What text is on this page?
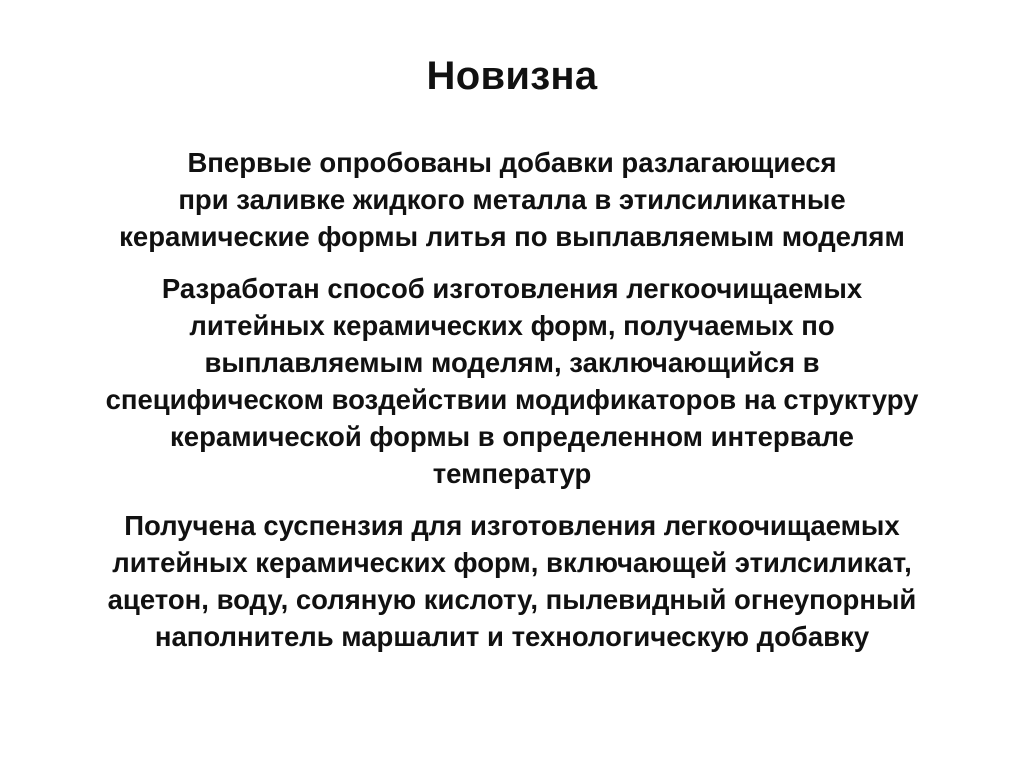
Новизна

Впервые опробованы добавки разлагающиеся
при заливке жидкого металла в этилсиликатные
керамические формы литья по выплавляемым моделям

Разработан способ изготовления легкоочищаемых
литейных керамических форм, получаемых по
выплавляемым моделям, заключающийся в
специфическом воздействии модификаторов на структуру
керамической формы в определенном интервале
температур

Получена суспензия для изготовления легкоочищаемых
литейных керамических форм, включающей этилсиликат,
ацетон, воду, соляную кислоту, пылевидный огнеупорный
наполнитель маршалит и технологическую добавку
